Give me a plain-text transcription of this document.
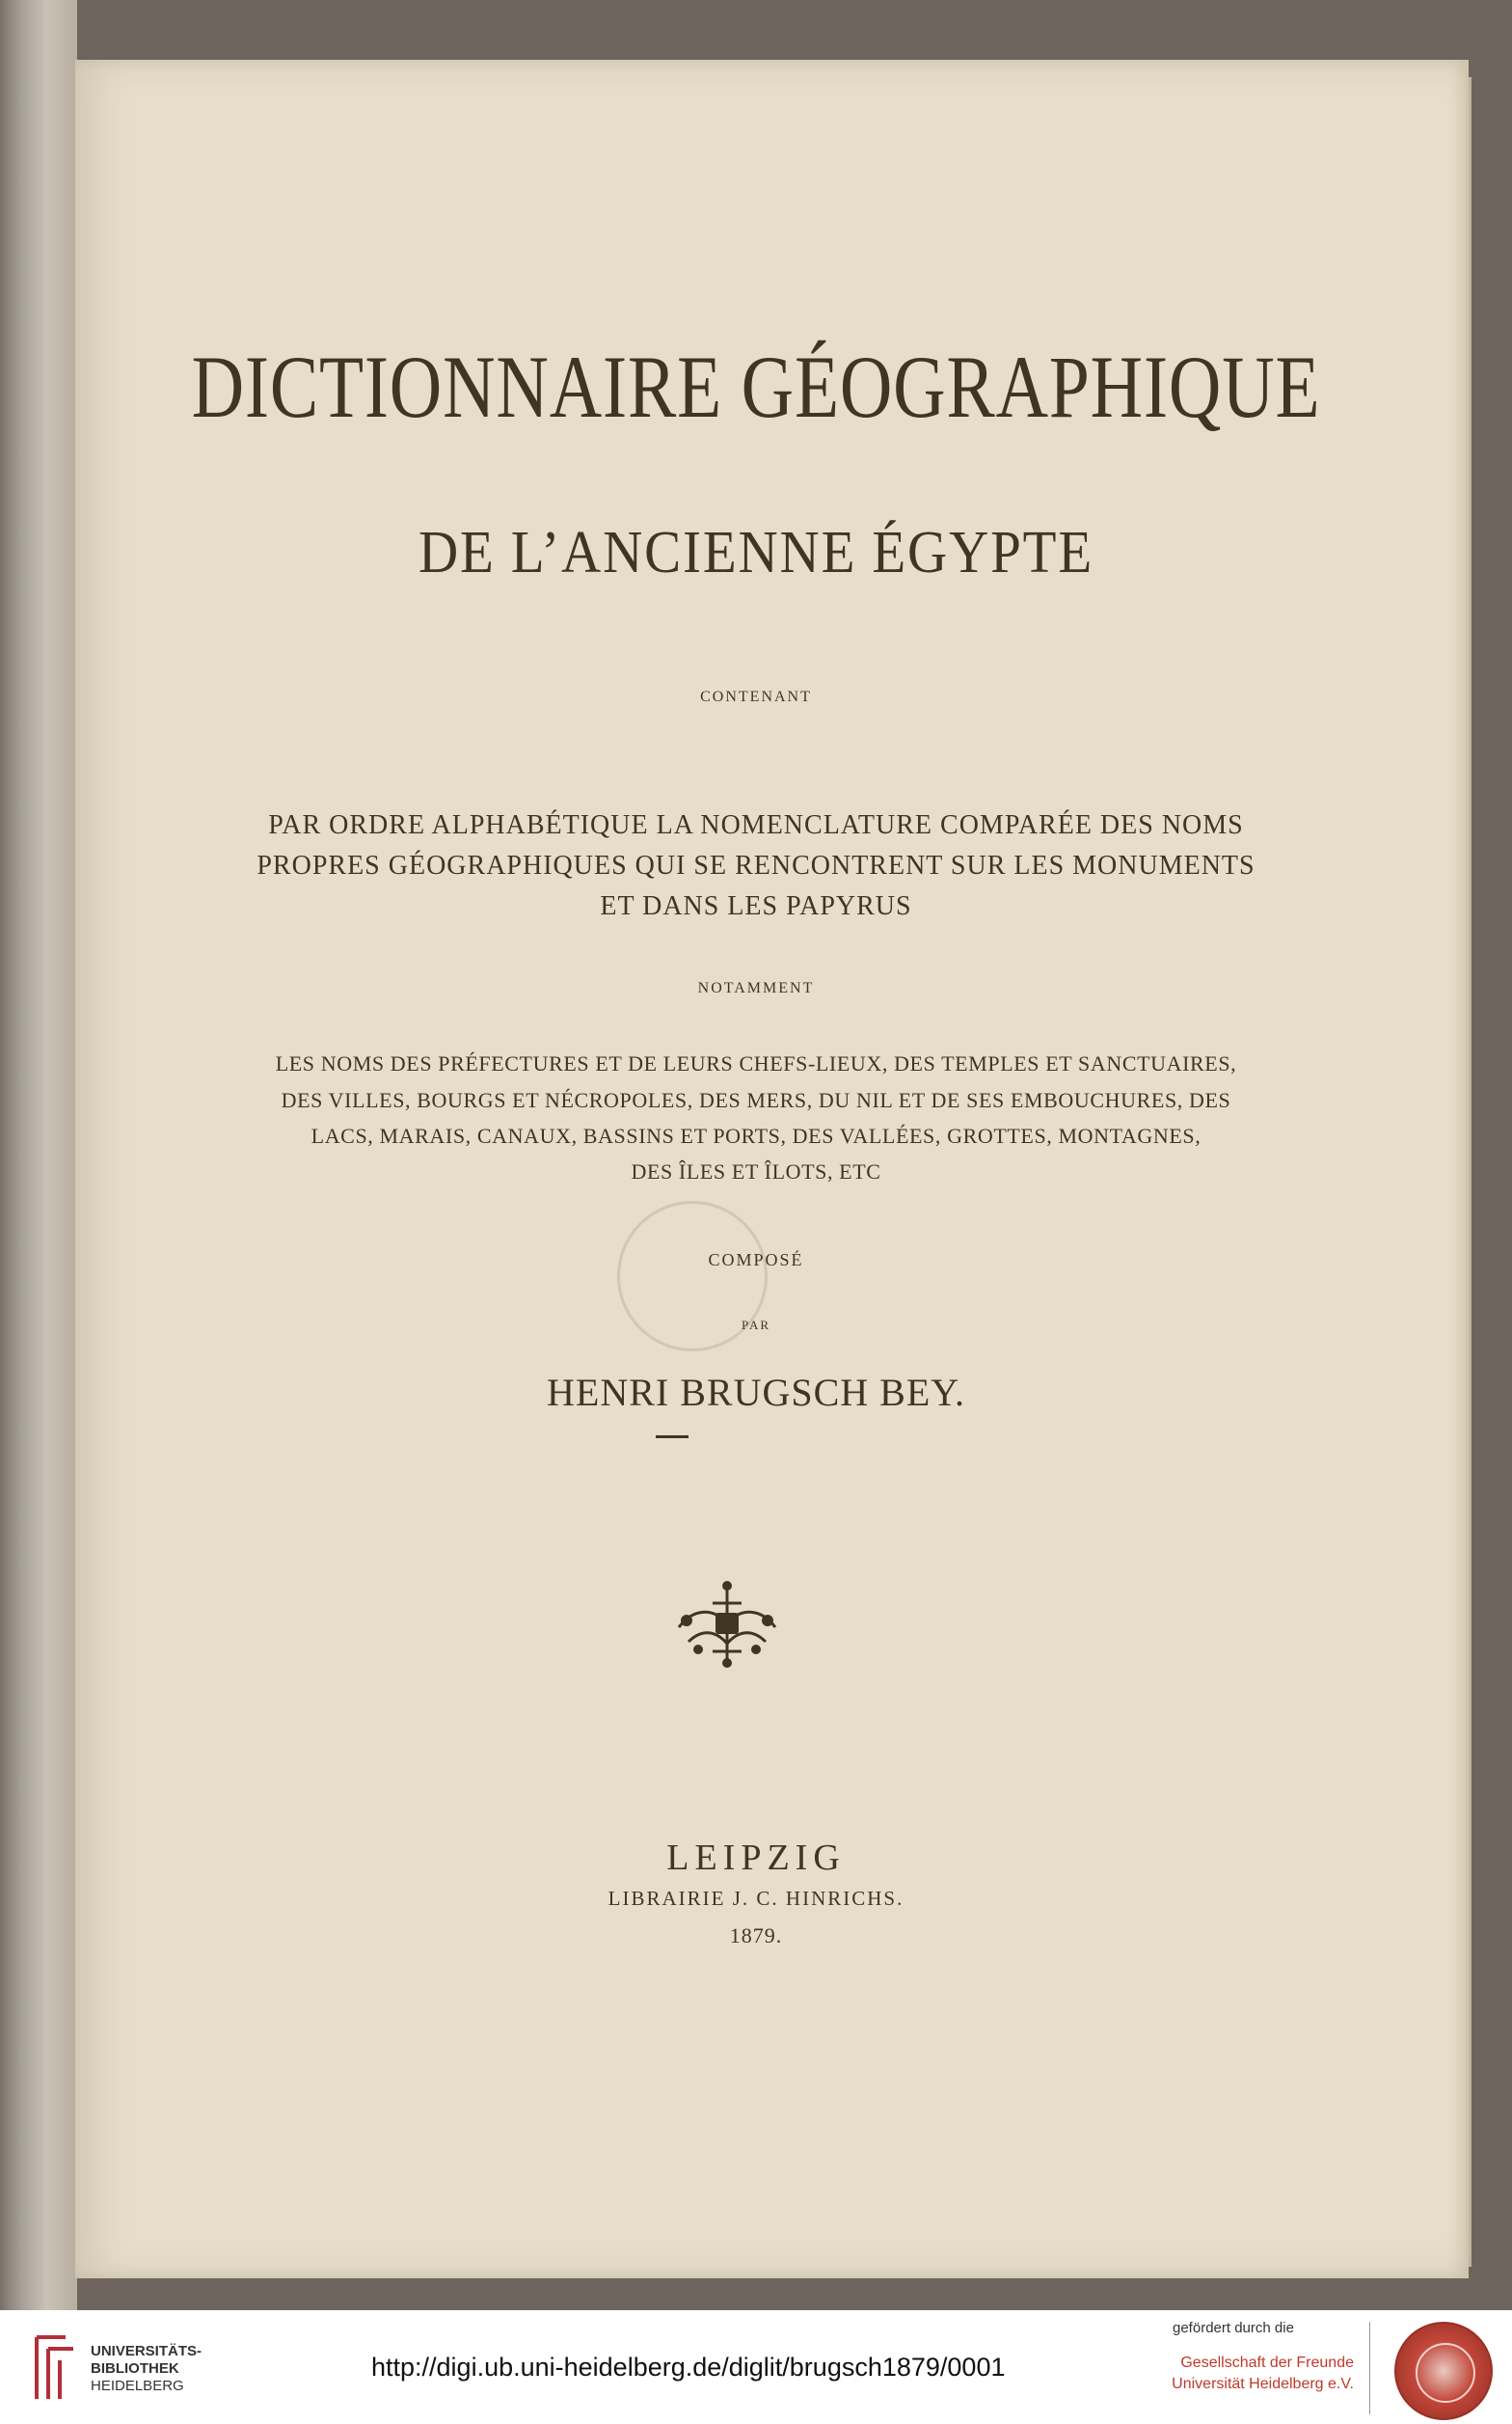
DICTIONNAIRE GÉOGRAPHIQUE
DE L’ANCIENNE ÉGYPTE
CONTENANT
PAR ORDRE ALPHABÉTIQUE LA NOMENCLATURE COMPARÉE DES NOMS
PROPRES GÉOGRAPHIQUES QUI SE RENCONTRENT SUR LES MONUMENTS
ET DANS LES PAPYRUS
NOTAMMENT
LES NOMS DES PRÉFECTURES ET DE LEURS CHEFS-LIEUX, DES TEMPLES ET SANCTUAIRES,
DES VILLES, BOURGS ET NÉCROPOLES, DES MERS, DU NIL ET DE SES EMBOUCHURES, DES
LACS, MARAIS, CANAUX, BASSINS ET PORTS, DES VALLÉES, GROTTES, MONTAGNES,
DES ÎLES ET ÎLOTS, ETC
COMPOSÉ
PAR
HENRI BRUGSCH BEY.
LEIPZIG
LIBRAIRIE J. C. HINRICHS.
1879.
UNIVERSITÄTS-
BIBLIOTHEK
HEIDELBERG
http://digi.ub.uni-heidelberg.de/diglit/brugsch1879/0001
gefördert durch die
Gesellschaft der Freunde
Universität Heidelberg e.V.
